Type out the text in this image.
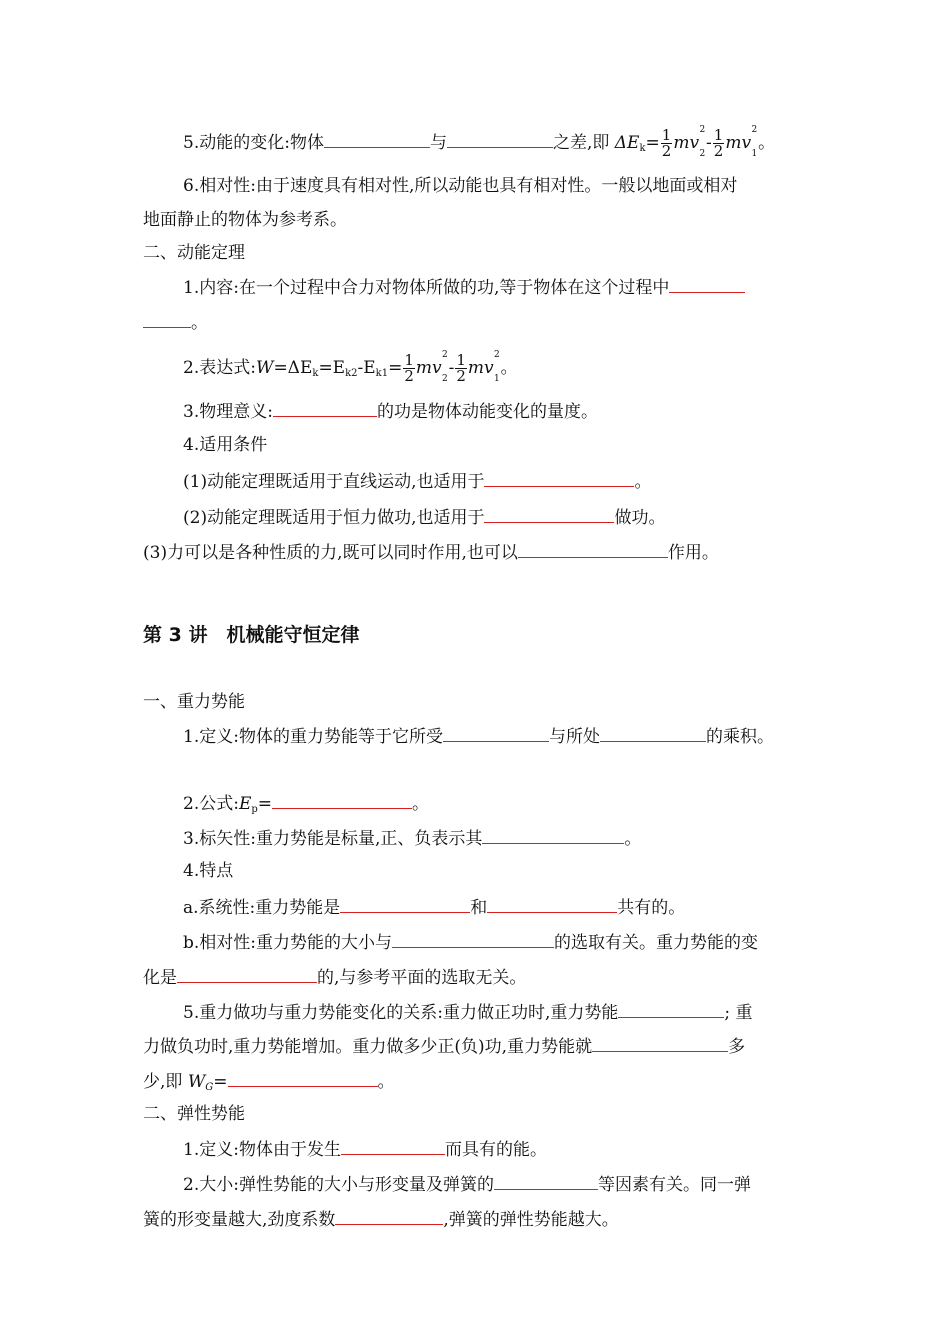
5.动能的变化:物体	与	之差,即 $\Delta E_k= \frac{1}{2}$ mv
2
2
- $\frac{1}{2}$ mv
2
1
。
6.相对性:由于速度具有相对性,所以动能也具有相对性。一般以地面或相对
地面静止的物体为参考系。
二、动能定理
1.内容:在一个过程中合力对物体所做的功,等于物体在这个过程中
。
2.表达式$:W=\Delta E_k=E_{k2}-E_{k1}= \frac{1}{2}$ mv
2
2
- $\frac{1}{2}$ mv
2
1
。
3.物理意义:	的功是物体动能变化的量度。
4.适用条件
(1)动能定理既适用于直线运动,也适用于	。
(2)动能定理既适用于恒力做功,也适用于	做功。
(3)力可以是各种性质的力,既可以同时作用,也可以	作用。
第 3 讲　机械能守恒定律
一、重力势能
1.定义:物体的重力势能等于它所受	与所处	的乘积。
2.公式$:E_p=$	。
3.标矢性:重力势能是标量,正、负表示其	。
4.特点
a.系统性:重力势能是	和	共有的。
b.相对性:重力势能的大小与	的选取有关。重力势能的变
化是	的,与参考平面的选取无关。
5.重力做功与重力势能变化的关系:重力做正功时,重力势能	; 重
力做负功时,重力势能增加。重力做多少正(负)功,重力势能就	多
少,即 $W_G=$	。
二、弹性势能
1.定义:物体由于发生	而具有的能。
2.大小:弹性势能的大小与形变量及弹簧的	等因素有关。同一弹
簧的形变量越大,劲度系数	,弹簧的弹性势能越大。
